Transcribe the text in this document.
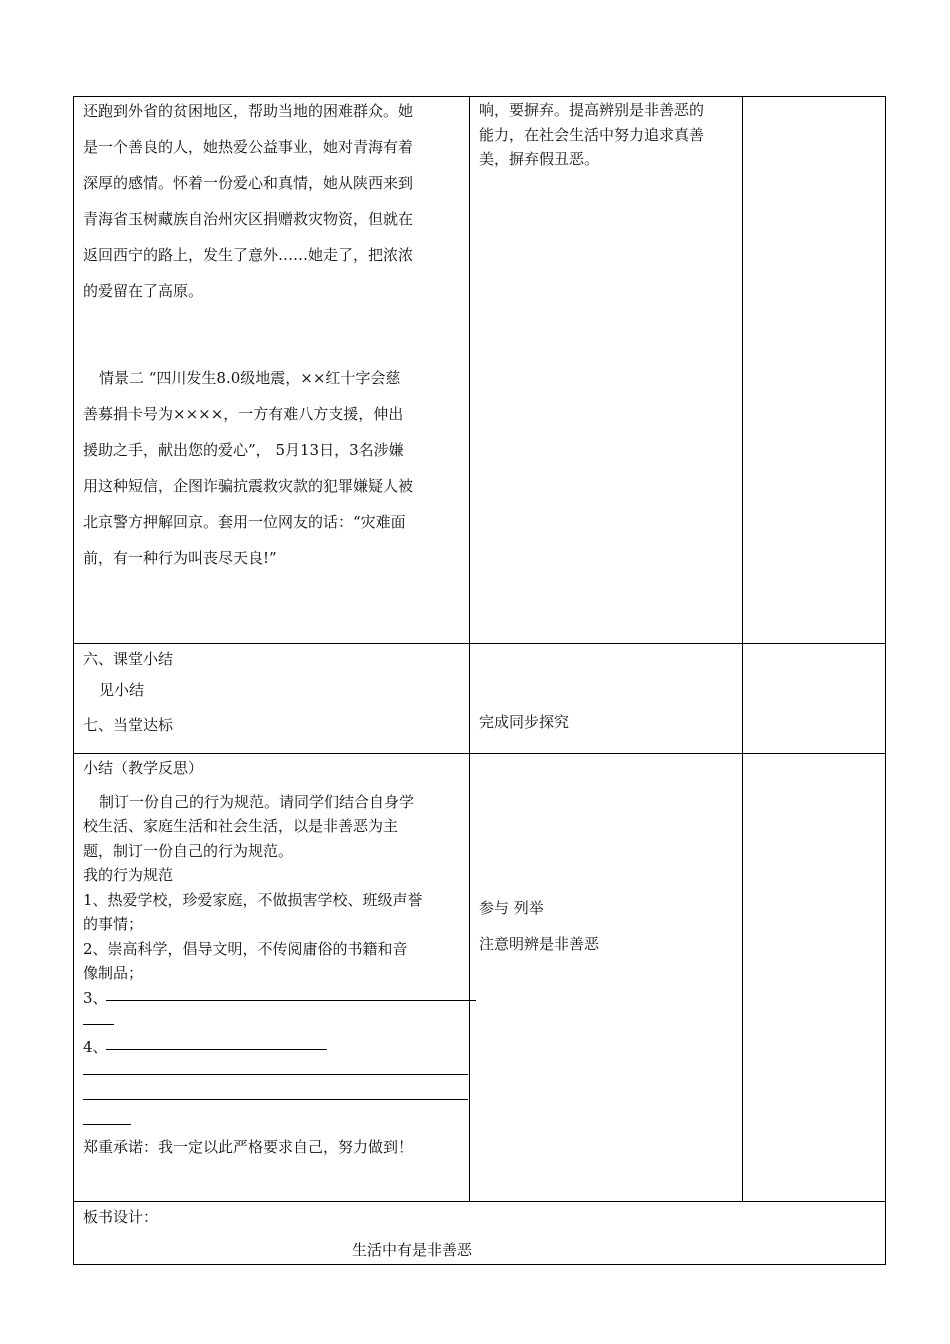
还跑到外省的贫困地区，帮助当地的困难群众。她

是一个善良的人，她热爱公益事业，她对青海有着

深厚的感情。怀着一份爱心和真情，她从陕西来到

青海省玉树藏族自治州灾区捐赠救灾物资，但就在

返回西宁的路上，发生了意外……她走了，把浓浓

的爱留在了高原。

情景二 “四川发生8.0级地震，××红十字会慈

善募捐卡号为××××，一方有难八方支援，伸出

援助之手，献出您的爱心”， 5月13日，3名涉嫌

用这种短信，企图诈骗抗震救灾款的犯罪嫌疑人被

北京警方押解回京。套用一位网友的话：“灾难面

前，有一种行为叫丧尽天良!”

响，要摒弃。提高辨别是非善恶的

能力，在社会生活中努力追求真善

美，摒弃假丑恶。

六、课堂小结

见小结

七、当堂达标	完成同步探究

小结（教学反思）

制订一份自己的行为规范。请同学们结合自身学

校生活、家庭生活和社会生活，以是非善恶为主

题，制订一份自己的行为规范。

我的行为规范

1、热爱学校，珍爱家庭，不做损害学校、班级声誉

的事情；

2、崇高科学，倡导文明，不传阅庸俗的书籍和音

像制品；

3、
4、

郑重承诺：我一定以此严格要求自己，努力做到！

参与 列举

注意明辨是非善恶

板书设计：

生活中有是非善恶
